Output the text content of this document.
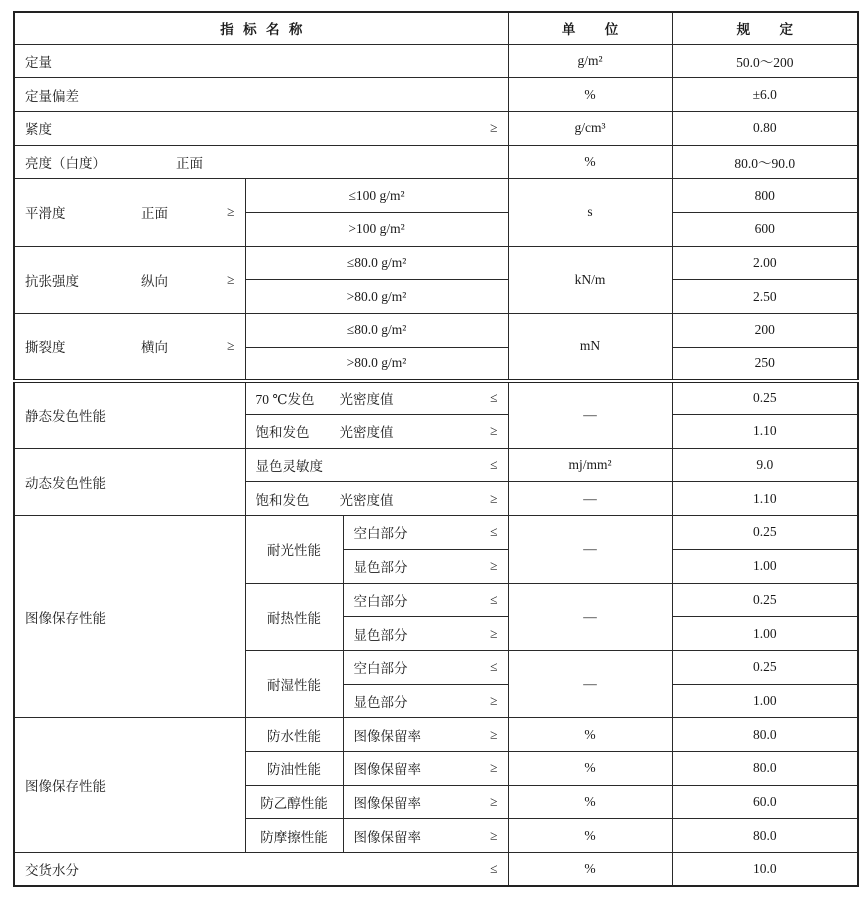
指 标 名 称			单 位	规 定
定量			g/m²	50.0～200
定量偏差			%	±6.0

紧度 ≥			g/cm³	0.80

亮度（白度） 正面			%	80.0～90.0

平滑度 正面 ≥	≤100 g/m²		s	800
	>100 g/m²			600

抗张强度 纵向 ≥	≤80.0 g/m²		kN/m	2.00
	>80.0 g/m²			2.50

撕裂度 横向 ≥	≤80.0 g/m²		mN	200
	>80.0 g/m²			250
静态发色性能	70 ℃发色 光密度值 ≤		—	0.25

	饱和发色 光密度值 ≥			1.10
动态发色性能	显色灵敏度 ≤		mj/mm²	9.0

	饱和发色 光密度值 ≥		—	1.10
图像保存性能	耐光性能	空白部分 ≤	—	0.25

		显色部分 ≥		1.00
	耐热性能	空白部分 ≤	—	0.25

		显色部分 ≥		1.00
	耐湿性能	空白部分 ≤	—	0.25

		显色部分 ≥		1.00
图像保存性能	防水性能	图像保留率 ≥	%	80.0
	防油性能	图像保留率 ≥	%	80.0
	防乙醇性能	图像保留率 ≥	%	60.0
	防摩擦性能	图像保留率 ≥	%	80.0

交货水分 ≤			%	10.0
